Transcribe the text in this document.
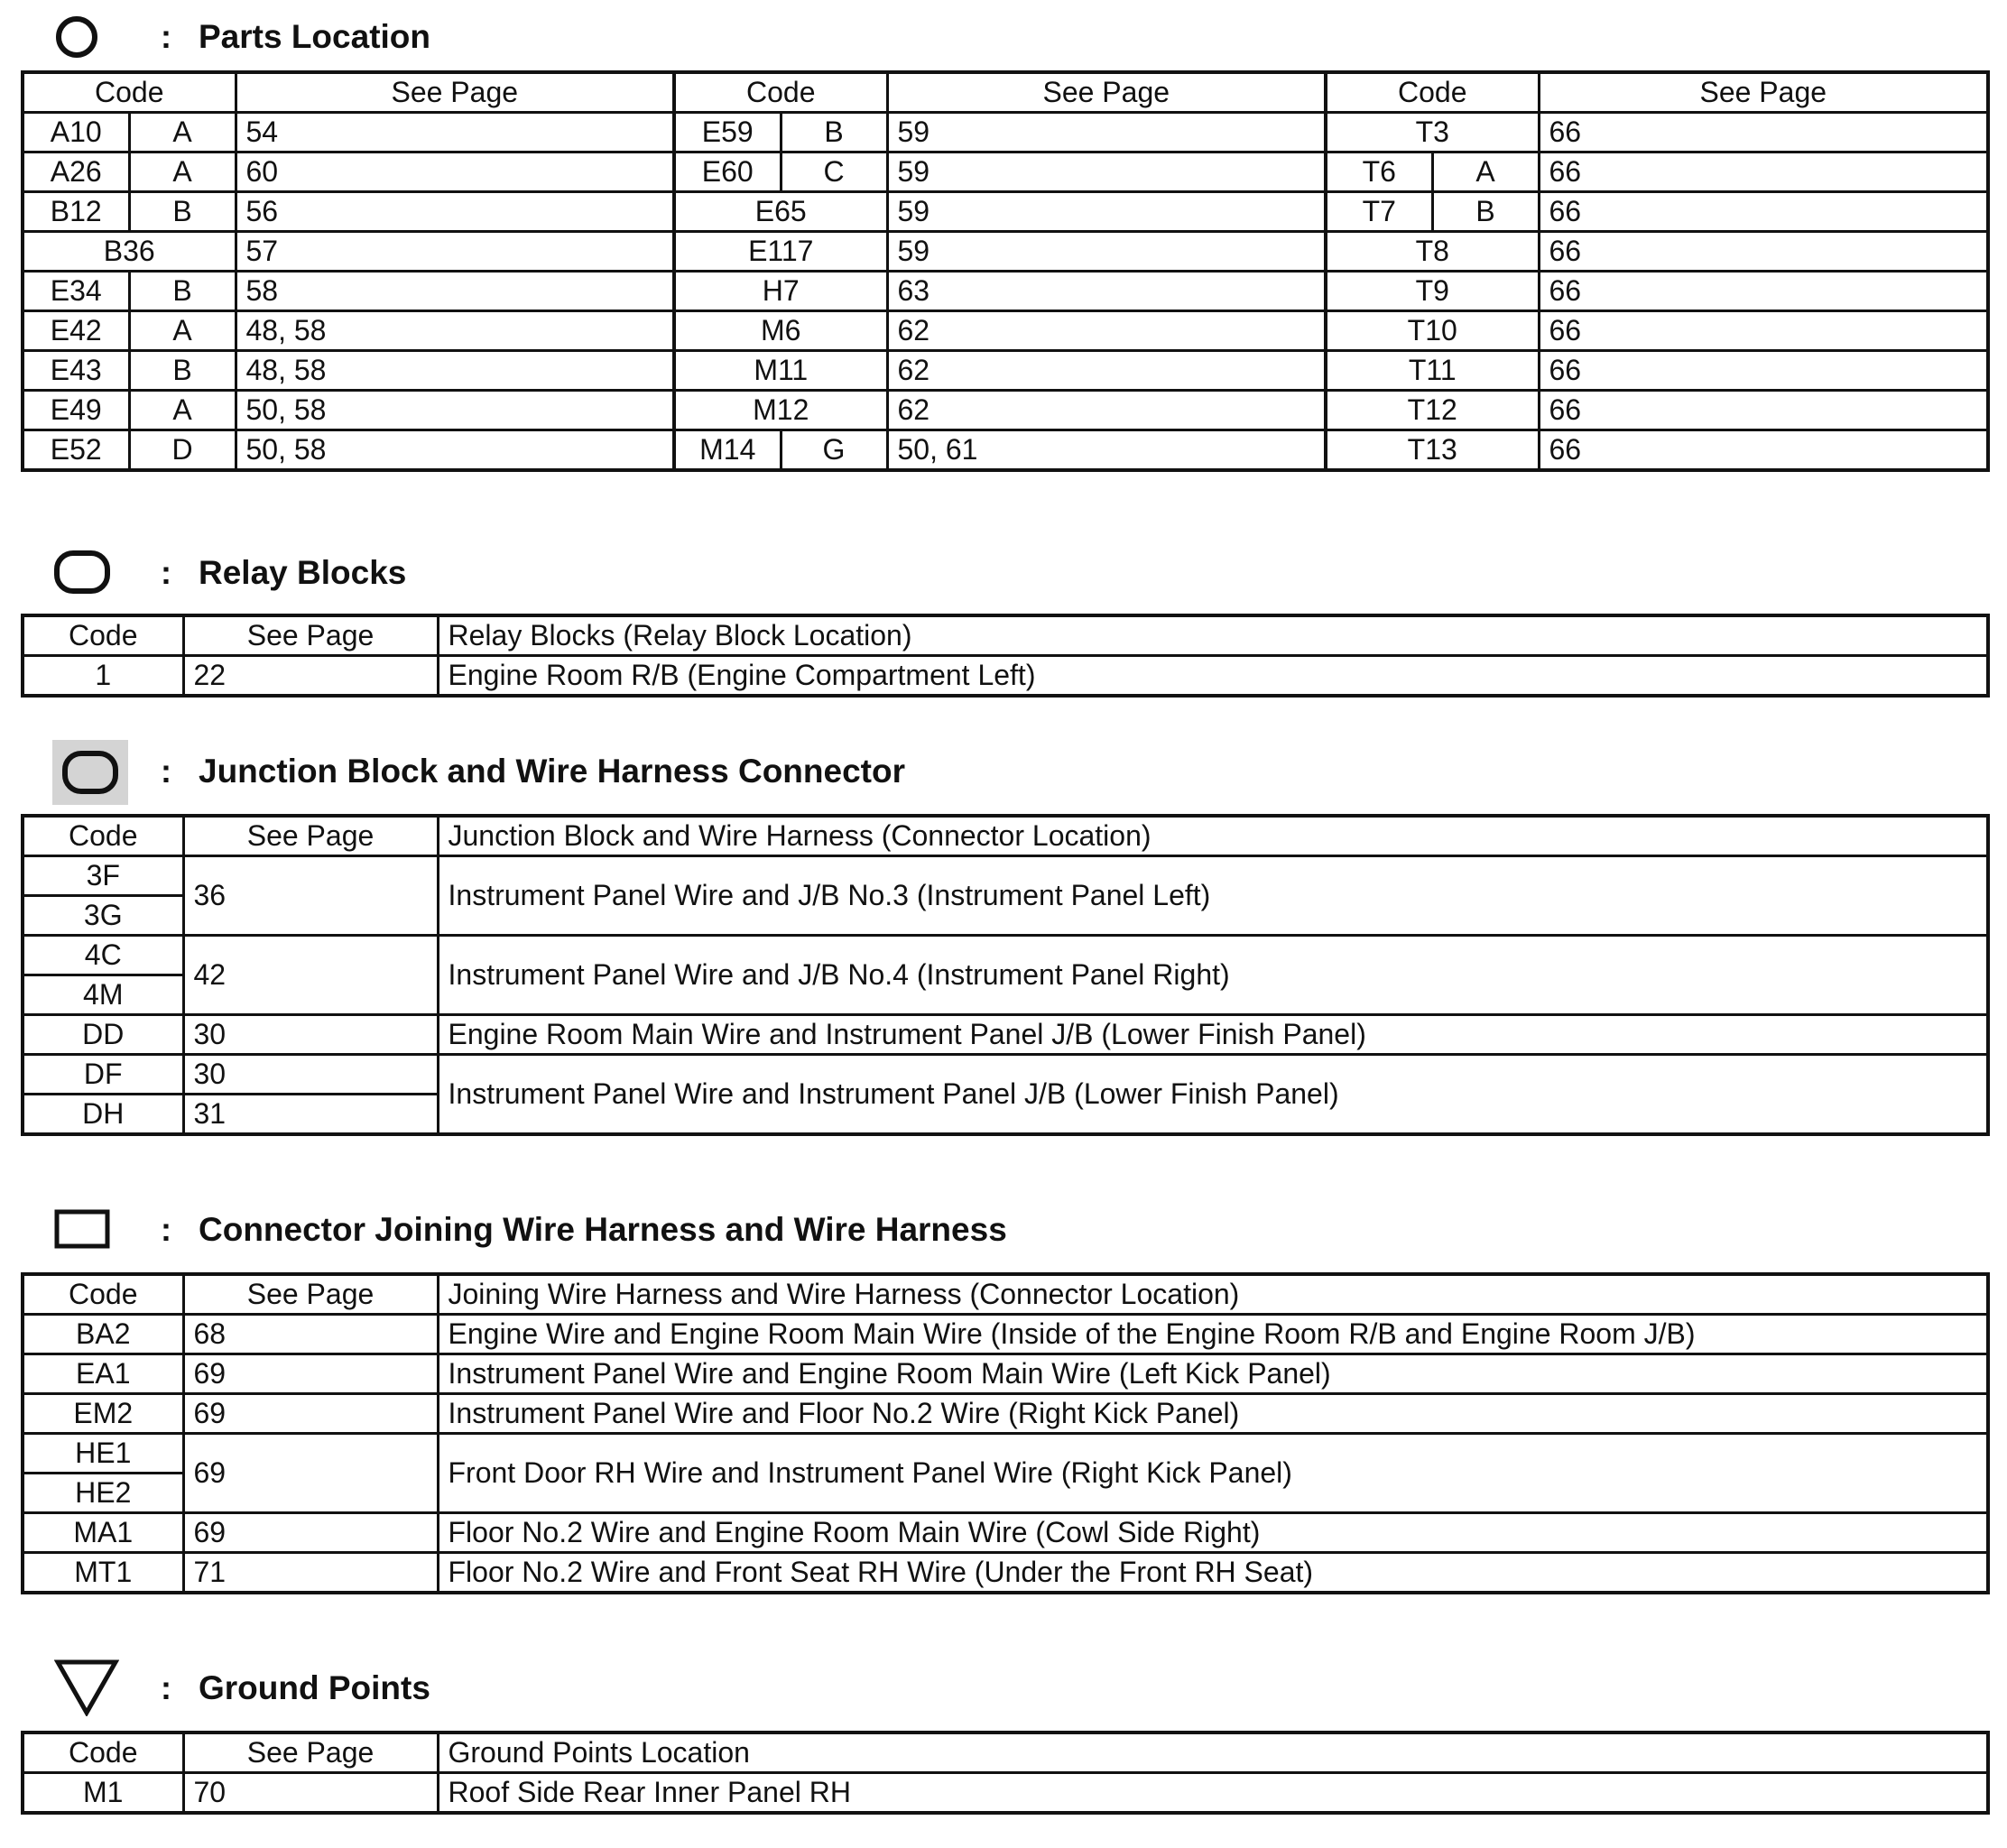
: Parts Location
Code		See Page	Code		See Page	Code		See Page
A10	A	54	E59	B	59	T3		66
A26	A	60	E60	C	59	T6	A	66
B12	B	56	E65		59	T7	B	66
B36		57	E117		59	T8		66
E34	B	58	H7		63	T9		66
E42	A	48, 58	M6		62	T10		66
E43	B	48, 58	M11		62	T11		66
E49	A	50, 58	M12		62	T12		66
E52	D	50, 58	M14	G	50, 61	T13		66
: Relay Blocks
Code	See Page	Relay Blocks (Relay Block Location)
1	22	Engine Room R/B (Engine Compartment Left)
: Junction Block and Wire Harness Connector
Code	See Page	Junction Block and Wire Harness (Connector Location)
3F	36	Instrument Panel Wire and J/B No.3 (Instrument Panel Left)
3G		
4C	42	Instrument Panel Wire and J/B No.4 (Instrument Panel Right)
4M		
DD	30	Engine Room Main Wire and Instrument Panel J/B (Lower Finish Panel)
DF	30	Instrument Panel Wire and Instrument Panel J/B (Lower Finish Panel)
DH	31	
: Connector Joining Wire Harness and Wire Harness
Code	See Page	Joining Wire Harness and Wire Harness (Connector Location)
BA2	68	Engine Wire and Engine Room Main Wire (Inside of the Engine Room R/B and Engine Room J/B)
EA1	69	Instrument Panel Wire and Engine Room Main Wire (Left Kick Panel)
EM2	69	Instrument Panel Wire and Floor No.2 Wire (Right Kick Panel)
HE1	69	Front Door RH Wire and Instrument Panel Wire (Right Kick Panel)
HE2		
MA1	69	Floor No.2 Wire and Engine Room Main Wire (Cowl Side Right)
MT1	71	Floor No.2 Wire and Front Seat RH Wire (Under the Front RH Seat)
: Ground Points
Code	See Page	Ground Points Location
M1	70	Roof Side Rear Inner Panel RH
